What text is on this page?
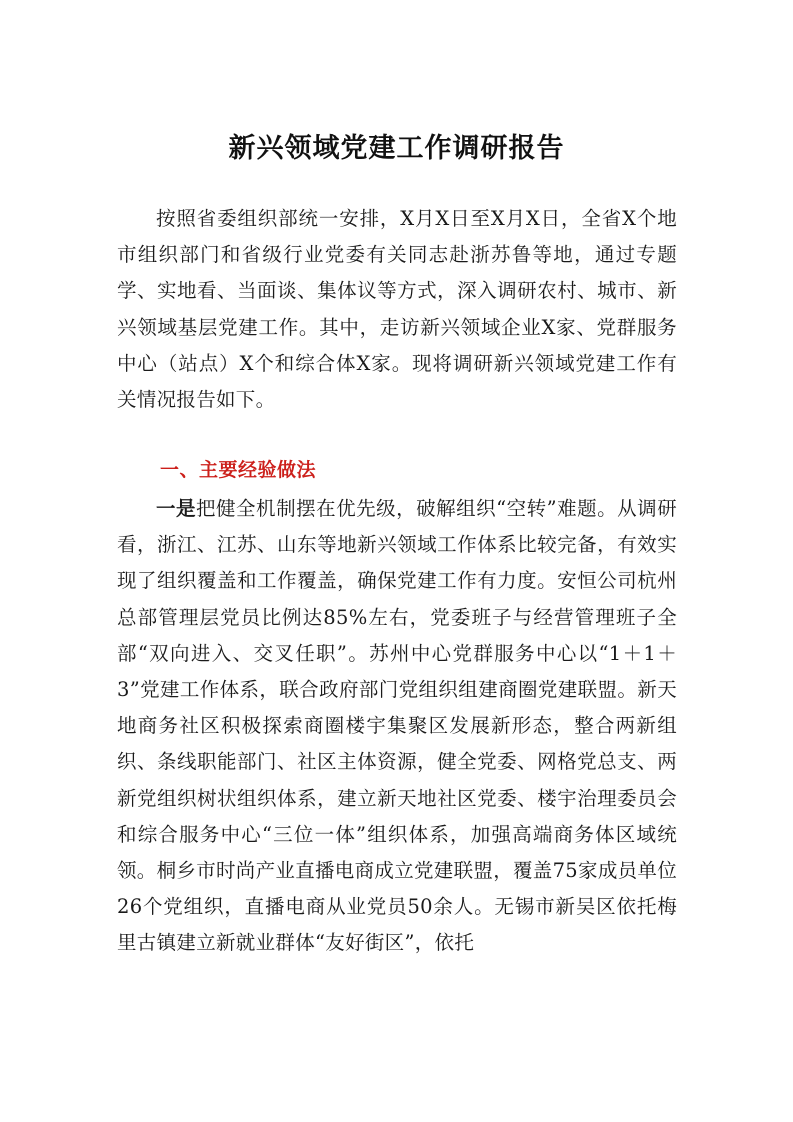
新兴领域党建工作调研报告

按照省委组织部统一安排，X月X日至X月X日，全省X个地市组织部门和省级行业党委有关同志赴浙苏鲁等地，通过专题学、实地看、当面谈、集体议等方式，深入调研农村、城市、新兴领域基层党建工作。其中，走访新兴领域企业X家、党群服务中心（站点）X个和综合体X家。现将调研新兴领域党建工作有关情况报告如下。

一、主要经验做法

一是把健全机制摆在优先级，破解组织“空转”难题。从调研看，浙江、江苏、山东等地新兴领域工作体系比较完备，有效实现了组织覆盖和工作覆盖，确保党建工作有力度。安恒公司杭州总部管理层党员比例达85%左右，党委班子与经营管理班子全部“双向进入、交叉任职”。苏州中心党群服务中心以“1＋1＋3”党建工作体系，联合政府部门党组织组建商圈党建联盟。新天地商务社区积极探索商圈楼宇集聚区发展新形态，整合两新组织、条线职能部门、社区主体资源，健全党委、网格党总支、两新党组织树状组织体系，建立新天地社区党委、楼宇治理委员会和综合服务中心“三位一体”组织体系，加强高端商务体区域统领。桐乡市时尚产业直播电商成立党建联盟，覆盖75家成员单位26个党组织，直播电商从业党员50余人。无锡市新吴区依托梅里古镇建立新就业群体“友好街区”，依托
